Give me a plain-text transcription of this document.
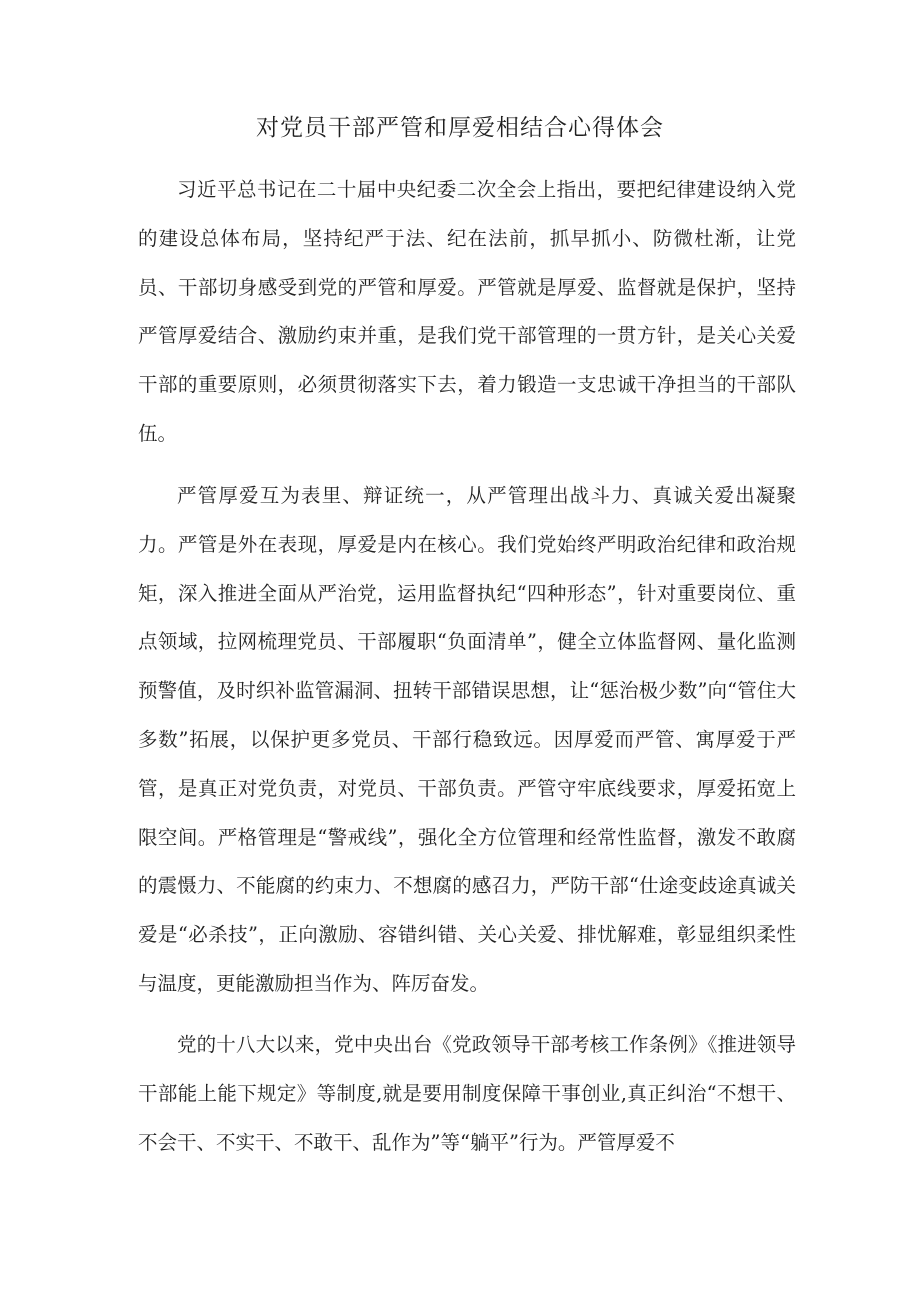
对党员干部严管和厚爱相结合心得体会

习近平总书记在二十届中央纪委二次全会上指出，要把纪律建设纳入党的建设总体布局，坚持纪严于法、纪在法前，抓早抓小、防微杜渐，让党员、干部切身感受到党的严管和厚爱。严管就是厚爱、监督就是保护，坚持严管厚爱结合、激励约束并重，是我们党干部管理的一贯方针，是关心关爱干部的重要原则，必须贯彻落实下去，着力锻造一支忠诚干净担当的干部队伍。

严管厚爱互为表里、辩证统一，从严管理出战斗力、真诚关爱出凝聚力。严管是外在表现，厚爱是内在核心。我们党始终严明政治纪律和政治规矩，深入推进全面从严治党，运用监督执纪“四种形态”，针对重要岗位、重点领域，拉网梳理党员、干部履职“负面清单”，健全立体监督网、量化监测预警值，及时织补监管漏洞、扭转干部错误思想，让“惩治极少数”向“管住大多数”拓展，以保护更多党员、干部行稳致远。因厚爱而严管、寓厚爱于严管，是真正对党负责，对党员、干部负责。严管守牢底线要求，厚爱拓宽上限空间。严格管理是“警戒线”，强化全方位管理和经常性监督，激发不敢腐的震慑力、不能腐的约束力、不想腐的感召力，严防干部“仕途变歧途真诚关爱是“必杀技”，正向激励、容错纠错、关心关爱、排忧解难，彰显组织柔性与温度，更能激励担当作为、阵厉奋发。

党的十八大以来，党中央出台《党政领导干部考核工作条例》《推进领导干部能上能下规定》等制度,就是要用制度保障干事创业,真正纠治“不想干、不会干、不实干、不敢干、乱作为”等“躺平”行为。严管厚爱不
